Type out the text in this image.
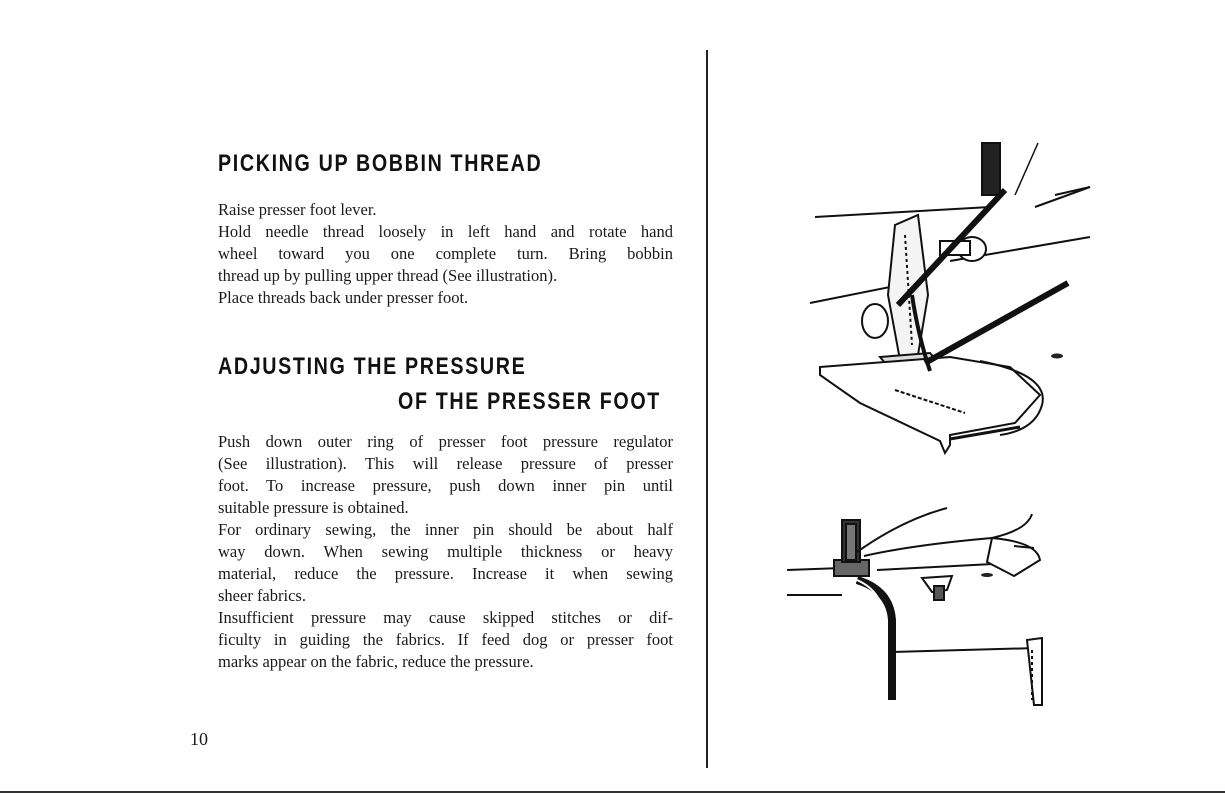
PICKING UP BOBBIN THREAD
Raise presser foot lever.
Hold needle thread loosely in left hand and rotate hand
wheel toward you one complete turn. Bring bobbin
thread up by pulling upper thread (See illustration).
Place threads back under presser foot.
ADJUSTING THE PRESSURE
OF THE PRESSER FOOT
Push down outer ring of presser foot pressure regulator
(See illustration). This will release pressure of presser
foot. To increase pressure, push down inner pin until
suitable pressure is obtained.
For ordinary sewing, the inner pin should be about half
way down. When sewing multiple thickness or heavy
material, reduce the pressure. Increase it when sewing
sheer fabrics.
Insufficient pressure may cause skipped stitches or dif-
ficulty in guiding the fabrics. If feed dog or presser foot
marks appear on the fabric, reduce the pressure.
10
